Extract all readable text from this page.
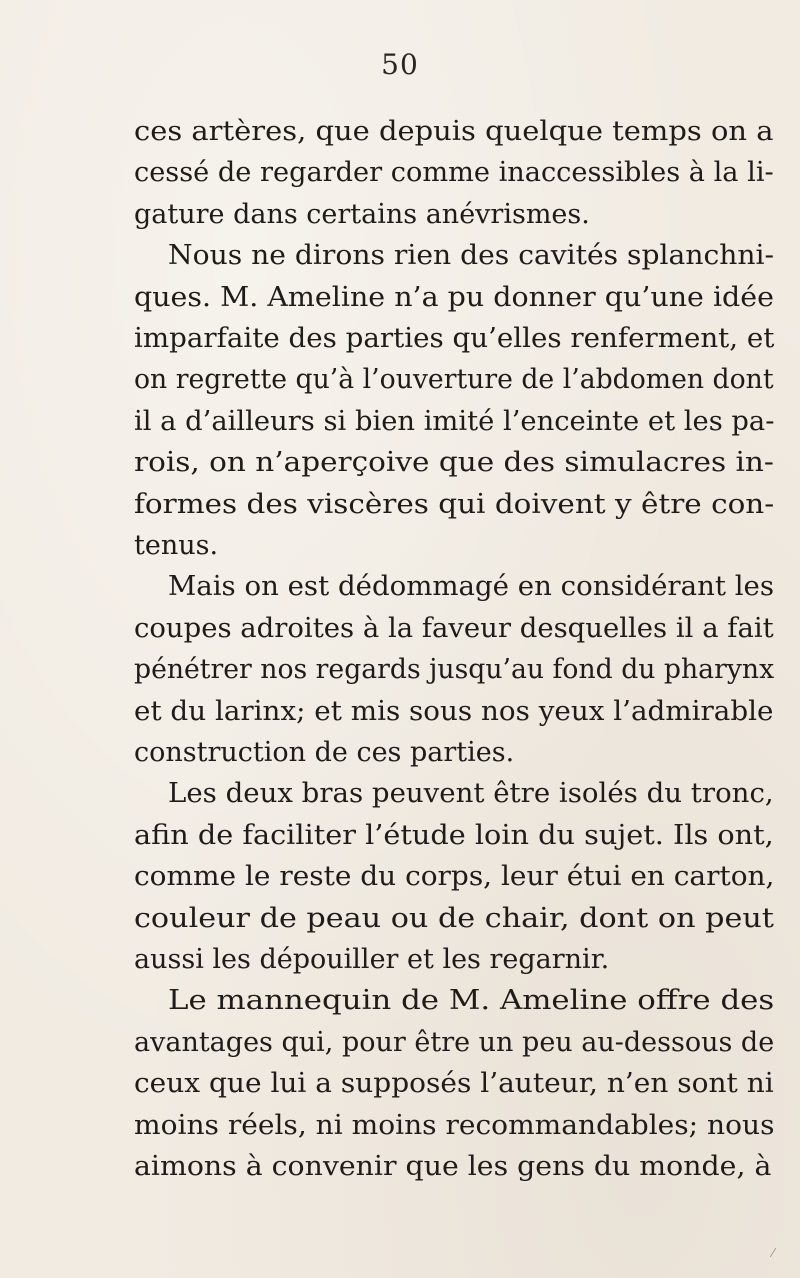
50
ces artères, que depuis quelque temps on a
cessé de regarder comme inaccessibles à la li-
gature dans certains anévrismes.
Nous ne dirons rien des cavités splanchni-
ques. M. Ameline n’a pu donner qu’une idée
imparfaite des parties qu’elles renferment, et
on regrette qu’à l’ouverture de l’abdomen dont
il a d’ailleurs si bien imité l’enceinte et les pa-
rois, on n’aperçoive que des simulacres in-
formes des viscères qui doivent y être con-
tenus.
Mais on est dédommagé en considérant les
coupes adroites à la faveur desquelles il a fait
pénétrer nos regards jusqu’au fond du pharynx
et du larinx; et mis sous nos yeux l’admirable
construction de ces parties.
Les deux bras peuvent être isolés du tronc,
afin de faciliter l’étude loin du sujet. Ils ont,
comme le reste du corps, leur étui en carton,
couleur de peau ou de chair, dont on peut
aussi les dépouiller et les regarnir.
Le mannequin de M. Ameline offre des
avantages qui, pour être un peu au-dessous de
ceux que lui a supposés l’auteur, n’en sont ni
moins réels, ni moins recommandables; nous
aimons à convenir que les gens du monde, à
⁄
